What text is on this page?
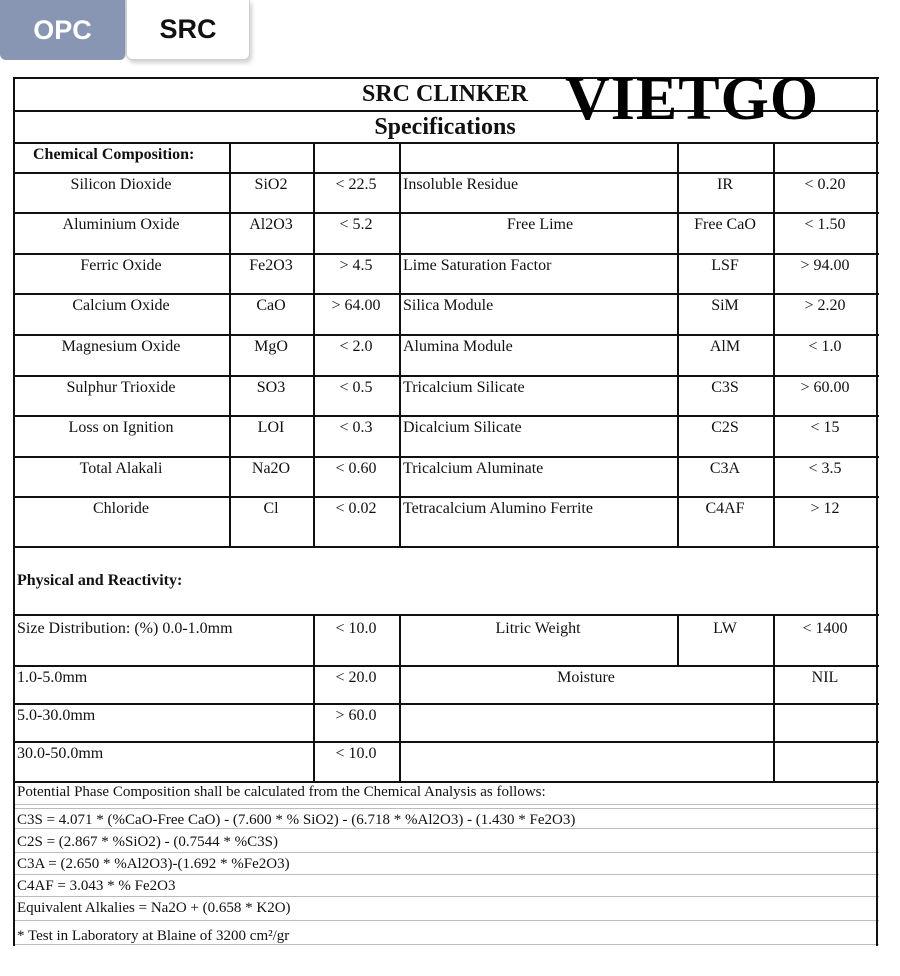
OPC	SRC
SRC CLINKER
Specifications VIETGO
Chemical Composition:
Silicon Dioxide	SiO2	< 22.5	Insoluble Residue	IR	< 0.20
Aluminium Oxide	Al2O3	< 5.2	Free Lime	Free CaO	< 1.50
Ferric Oxide	Fe2O3	> 4.5	Lime Saturation Factor	LSF	> 94.00
Calcium Oxide	CaO	> 64.00	Silica Module	SiM	> 2.20
Magnesium Oxide	MgO	< 2.0	Alumina Module	AlM	< 1.0
Sulphur Trioxide	SO3	< 0.5	Tricalcium Silicate	C3S	> 60.00
Loss on Ignition	LOI	< 0.3	Dicalcium Silicate	C2S	< 15
Total Alakali	Na2O	< 0.60	Tricalcium Aluminate	C3A	< 3.5
Chloride	Cl	< 0.02	Tetracalcium Alumino Ferrite	C4AF	> 12
Physical and Reactivity:
Size Distribution: (%) 0.0-1.0mm	< 10.0	Litric Weight	LW	< 1400
1.0-5.0mm	< 20.0	Moisture	NIL
5.0-30.0mm	> 60.0
30.0-50.0mm	< 10.0
Potential Phase Composition shall be calculated from the Chemical Analysis as follows:
C3S = 4.071 * (%CaO-Free CaO) - (7.600 * % SiO2) - (6.718 * %Al2O3) - (1.430 * Fe2O3)
C2S = (2.867 * %SiO2) - (0.7544 * %C3S)
C3A = (2.650 * %Al2O3)-(1.692 * %Fe2O3)
C4AF = 3.043 * % Fe2O3
Equivalent Alkalies = Na2O + (0.658 * K2O)
* Test in Laboratory at Blaine of 3200 cm²/gr
